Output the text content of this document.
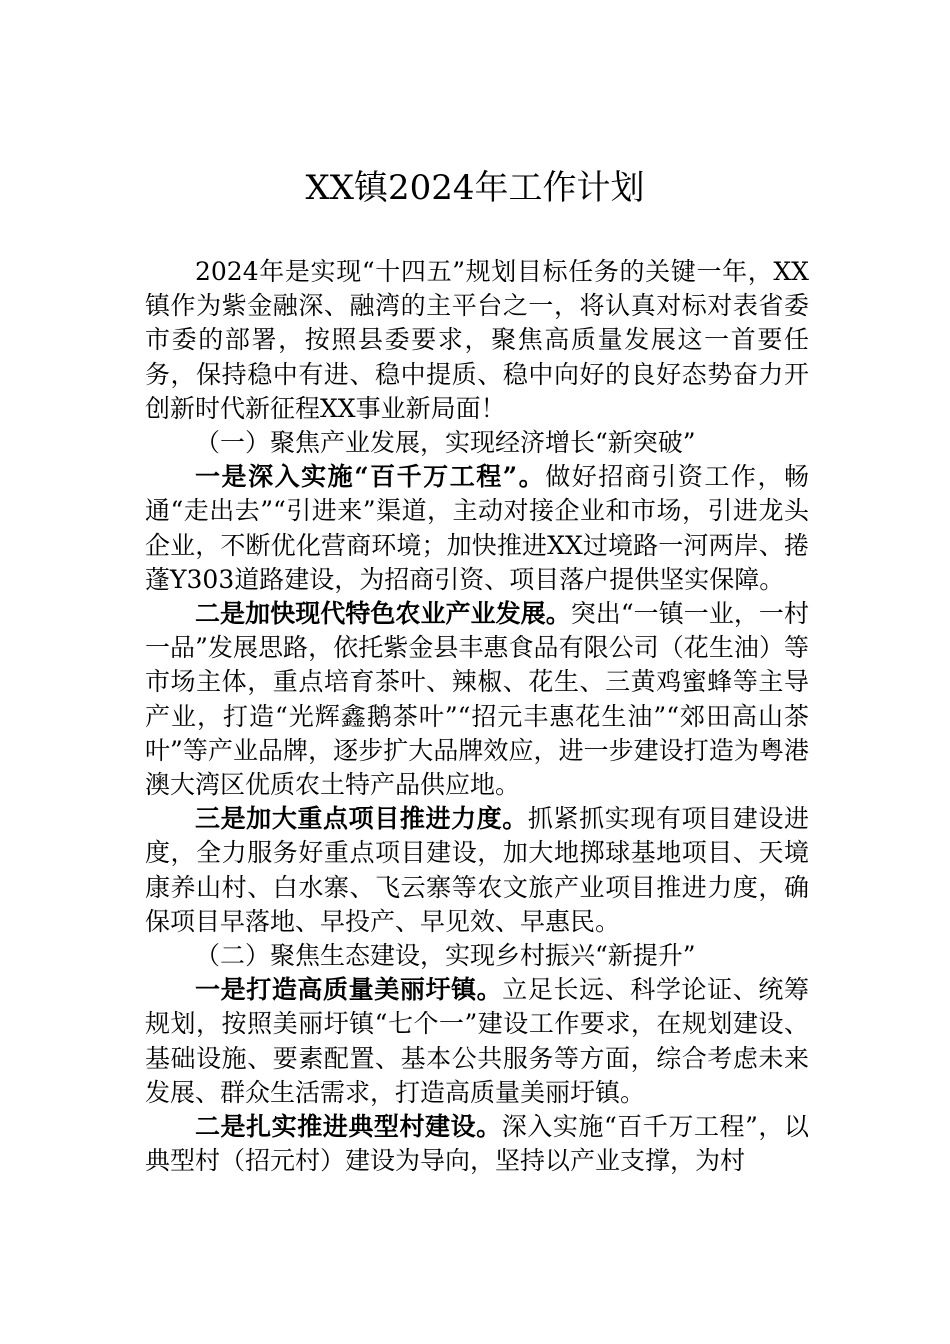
XX镇2024年工作计划

2024年是实现“十四五”规划目标任务的关键一年，XX镇作为紫金融深、融湾的主平台之一，将认真对标对表省委市委的部署，按照县委要求，聚焦高质量发展这一首要任务，保持稳中有进、稳中提质、稳中向好的良好态势奋力开创新时代新征程XX事业新局面！

（一）聚焦产业发展，实现经济增长“新突破”

一是深入实施“百千万工程”。做好招商引资工作，畅通“走出去”“引进来”渠道，主动对接企业和市场，引进龙头企业，不断优化营商环境；加快推进XX过境路一河两岸、捲蓬Y303道路建设，为招商引资、项目落户提供坚实保障。

二是加快现代特色农业产业发展。突出“一镇一业，一村一品”发展思路，依托紫金县丰惠食品有限公司（花生油）等市场主体，重点培育茶叶、辣椒、花生、三黄鸡蜜蜂等主导产业，打造“光辉鑫鹅茶叶”“招元丰惠花生油”“郊田高山茶叶”等产业品牌，逐步扩大品牌效应，进一步建设打造为粤港澳大湾区优质农土特产品供应地。

三是加大重点项目推进力度。抓紧抓实现有项目建设进度，全力服务好重点项目建设，加大地掷球基地项目、天境康养山村、白水寨、飞云寨等农文旅产业项目推进力度，确保项目早落地、早投产、早见效、早惠民。

（二）聚焦生态建设，实现乡村振兴“新提升”

一是打造高质量美丽圩镇。立足长远、科学论证、统筹规划，按照美丽圩镇“七个一”建设工作要求，在规划建设、基础设施、要素配置、基本公共服务等方面，综合考虑未来发展、群众生活需求，打造高质量美丽圩镇。

二是扎实推进典型村建设。深入实施“百千万工程”，以典型村（招元村）建设为导向，坚持以产业支撑，为村
